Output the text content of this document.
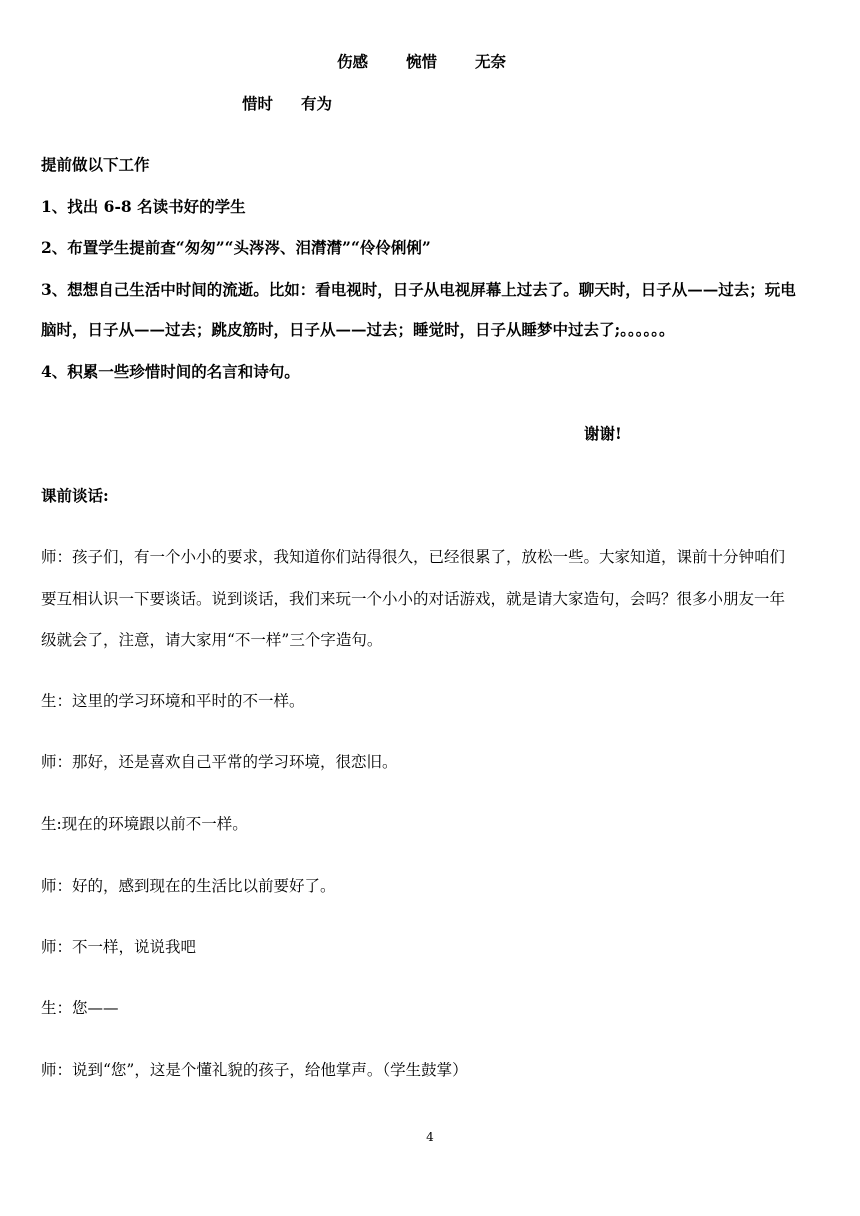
伤感 惋惜 无奈
惜时 有为
提前做以下工作
1、找出 6-8 名读书好的学生
2、布置学生提前查“匆匆”“头涔涔、泪潸潸”“伶伶俐俐”
3、想想自己生活中时间的流逝。比如：看电视时，日子从电视屏幕上过去了。聊天时，日子从——过去；玩电
脑时，日子从——过去；跳皮筋时，日子从——过去；睡觉时，日子从睡梦中过去了;。。。。。。
4、积累一些珍惜时间的名言和诗句。
谢谢!
课前谈话:
师：孩子们，有一个小小的要求，我知道你们站得很久，已经很累了，放松一些。大家知道，课前十分钟咱们
要互相认识一下要谈话。说到谈话，我们来玩一个小小的对话游戏，就是请大家造句，会吗？很多小朋友一年
级就会了，注意，请大家用“不一样”三个字造句。
生：这里的学习环境和平时的不一样。
师：那好，还是喜欢自己平常的学习环境，很恋旧。
生:现在的环境跟以前不一样。
师：好的，感到现在的生活比以前要好了。
师：不一样，说说我吧
生：您——
师：说到“您”，这是个懂礼貌的孩子，给他掌声。（学生鼓掌）
4
